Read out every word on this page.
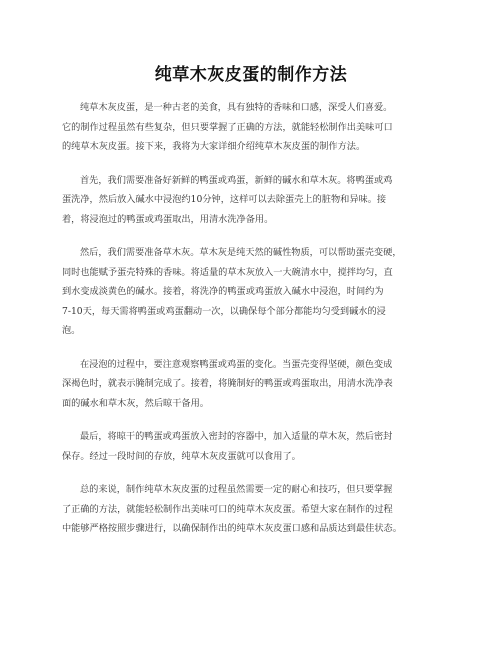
纯草木灰皮蛋的制作方法

纯草木灰皮蛋，是一种古老的美食，具有独特的香味和口感，深受人们喜爱。
它的制作过程虽然有些复杂，但只要掌握了正确的方法，就能轻松制作出美味可口
的纯草木灰皮蛋。接下来，我将为大家详细介绍纯草木灰皮蛋的制作方法。

首先，我们需要准备好新鲜的鸭蛋或鸡蛋，新鲜的碱水和草木灰。将鸭蛋或鸡
蛋洗净，然后放入碱水中浸泡约10分钟，这样可以去除蛋壳上的脏物和异味。接
着，将浸泡过的鸭蛋或鸡蛋取出，用清水洗净备用。

然后，我们需要准备草木灰。草木灰是纯天然的碱性物质，可以帮助蛋壳变硬，
同时也能赋予蛋壳特殊的香味。将适量的草木灰放入一大碗清水中，搅拌均匀，直
到水变成淡黄色的碱水。接着，将洗净的鸭蛋或鸡蛋放入碱水中浸泡，时间约为
7-10天，每天需将鸭蛋或鸡蛋翻动一次，以确保每个部分都能均匀受到碱水的浸
泡。

在浸泡的过程中，要注意观察鸭蛋或鸡蛋的变化。当蛋壳变得坚硬，颜色变成
深褐色时，就表示腌制完成了。接着，将腌制好的鸭蛋或鸡蛋取出，用清水洗净表
面的碱水和草木灰，然后晾干备用。

最后，将晾干的鸭蛋或鸡蛋放入密封的容器中，加入适量的草木灰，然后密封
保存。经过一段时间的存放，纯草木灰皮蛋就可以食用了。

总的来说，制作纯草木灰皮蛋的过程虽然需要一定的耐心和技巧，但只要掌握
了正确的方法，就能轻松制作出美味可口的纯草木灰皮蛋。希望大家在制作的过程
中能够严格按照步骤进行，以确保制作出的纯草木灰皮蛋口感和品质达到最佳状态。
